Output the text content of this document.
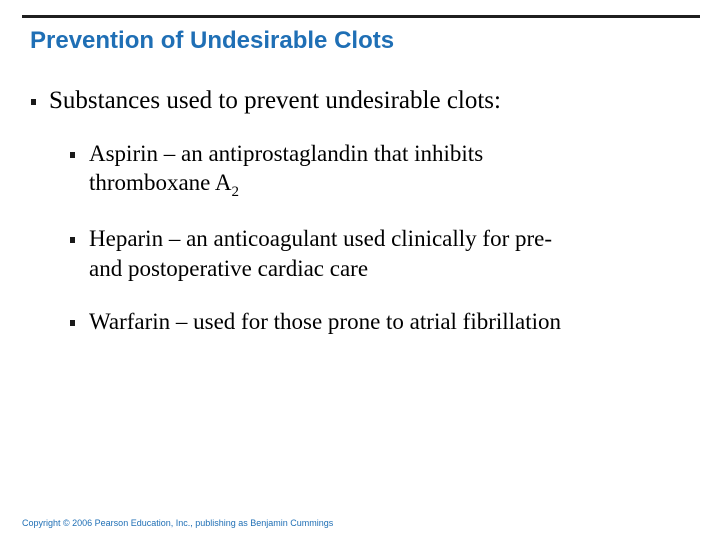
Prevention of Undesirable Clots

Substances used to prevent undesirable clots:

Aspirin – an antiprostaglandin that inhibits

thromboxane $A_2$

Heparin – an anticoagulant used clinically for pre-

and postoperative cardiac care

Warfarin – used for those prone to atrial fibrillation

Copyright © 2006 Pearson Education, Inc., publishing as Benjamin Cummings
